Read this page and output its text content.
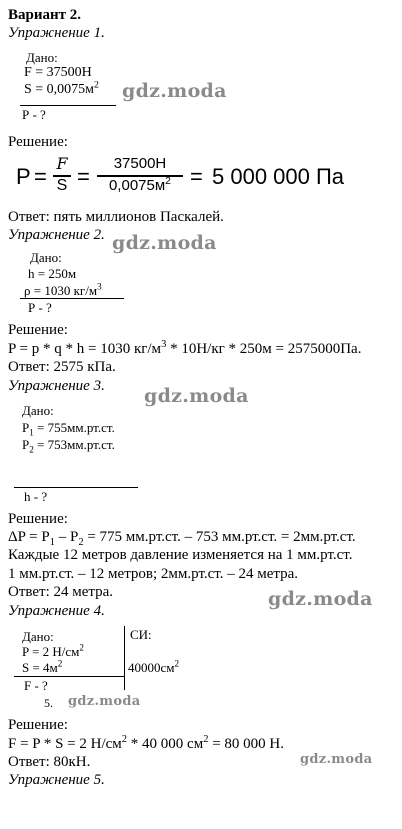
Вариант 2.
Упражнение 1.
Дано:
F = 37500Н
$S = 0,0075м^2$
Р - ?
gdz.moda
Решение:
P =
F
S =
37500Н
$0,0075м^2 = 5$ 000 000 Па
Ответ: пять миллионов Паскалей.
Упражнение 2. gdz.moda
Дано:
h = 250м
ρ = 1030 $кг/м^3$
Р - ?
Решение:
P = p * q * h = 1030 $кг/м^3 * 10Н/кг * 250м = 2575000Па$.
Ответ: 2575 кПа.
Упражнение 3. gdz.moda
Дано:
$P_1 = 755мм.рт.ст$.
$P_2 = 753мм.рт.ст$.
h - ?
Решение:
$\Delta P = P_1 - P_2 = 775$ мм.рт.ст. – 753 мм.рт.ст. = 2мм.рт.ст.
Каждые 12 метров давление изменяется на 1 мм.рт.ст.
1 мм.рт.ст. – 12 метров; 2мм.рт.ст. – 24 метра.
Ответ: 24 метра.	gdz.moda
Упражнение 4.
Дано:
P = 2 $Н/см^2$
$S = 4м^2$
F - ?
СИ:
$40000см^2$
5. gdz.moda
Решение:
F = P * S = 2 $Н/см^2 * 40$ 000 $см^2 = 80$ 000 Н.
Ответ: 80кН.	gdz.moda
Упражнение 5.
